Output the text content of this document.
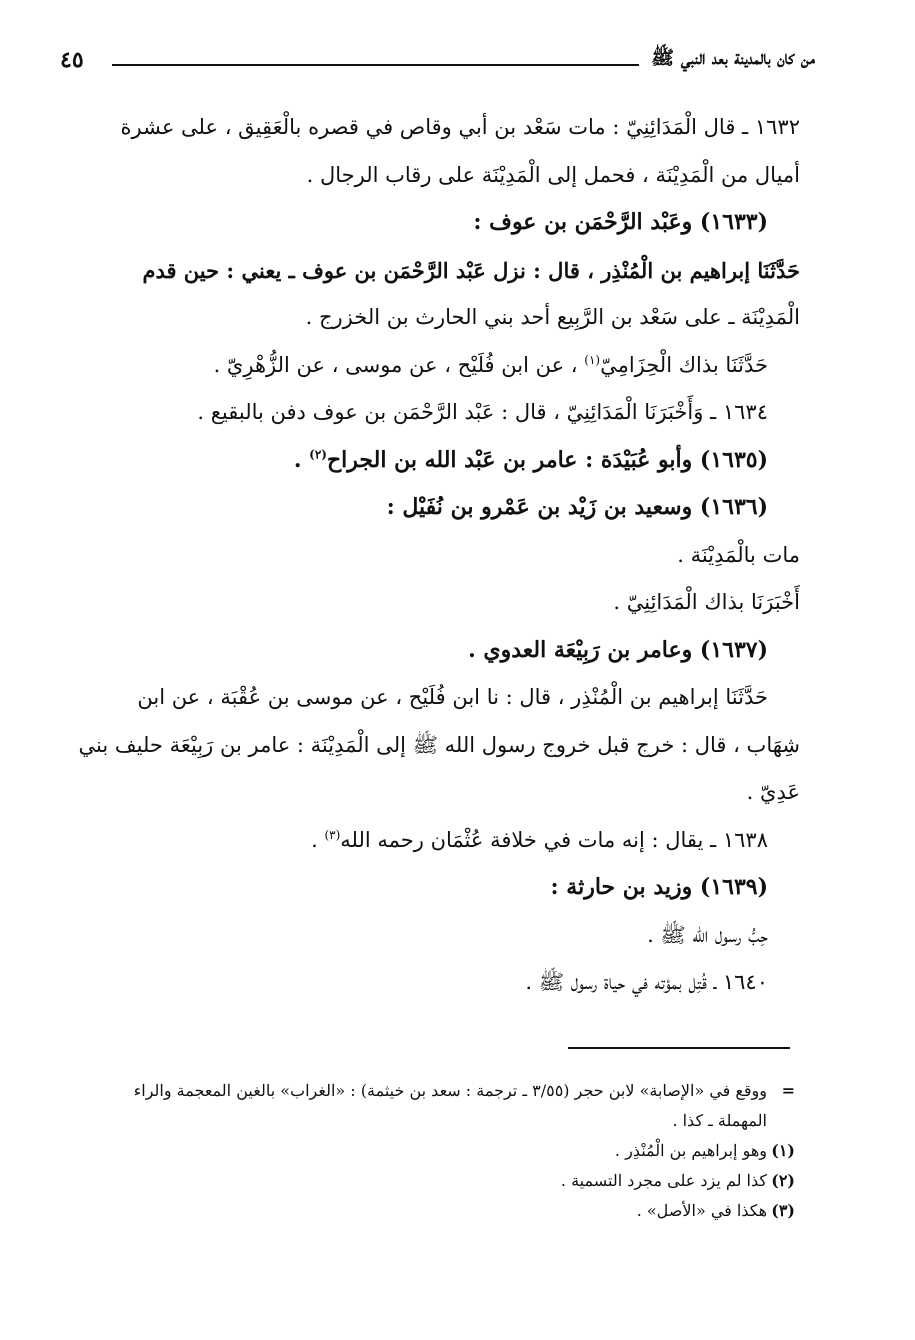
من كان بالمدينة بعد النبي ﷺ
٤٥
١٦٣٢ ـ قال الْمَدَائِنِيّ : مات سَعْد بن أبي وقاص في قصره بالْعَقِيق ، على عشرة
أميال من الْمَدِيْنَة ، فحمل إلى الْمَدِيْنَة على رقاب الرجال .
(١٦٣٣) وعَبْد الرَّحْمَن بن عوف :
حَدَّثَنَا إبراهيم بن الْمُنْذِر ، قال : نزل عَبْد الرَّحْمَن بن عوف ـ يعني : حين قدم
الْمَدِيْنَة ـ على سَعْد بن الرَّبِيع أحد بني الحارث بن الخزرج .
حَدَّثَنَا بذاك الْحِزَامِيّ$^{(١)}$ ، عن ابن فُلَيْح ، عن موسى ، عن الزُّهْرِيّ .
١٦٣٤ ـ وَأَخْبَرَنَا الْمَدَائِنِيّ ، قال : عَبْد الرَّحْمَن بن عوف دفن بالبقيع .
(١٦٣٥) وأبو عُبَيْدَة : عامر بن عَبْد الله بن الجراح$^{(٢)}$ .
(١٦٣٦) وسعيد بن زَيْد بن عَمْرو بن نُفَيْل :
مات بالْمَدِيْنَة .
أَخْبَرَنَا بذاك الْمَدَائِنِيّ .
(١٦٣٧) وعامر بن رَبِيْعَة العدوي .
حَدَّثَنَا إبراهيم بن الْمُنْذِر ، قال : نا ابن فُلَيْح ، عن موسى بن عُقْبَة ، عن ابن
شِهَاب ، قال : خرج قبل خروج رسول الله ﷺ إلى الْمَدِيْنَة : عامر بن رَبِيْعَة حليف بني
عَدِيّ .
١٦٣٨ ـ يقال : إنه مات في خلافة عُثْمَان رحمه الله$^{(٣)}$ .
(١٦٣٩) وزيد بن حارثة :
حِبُّ رسول الله ﷺ .
١٦٤٠ ـ قُتِل بمؤته في حياة رسول ﷺ .
=ووقع في «الإصابة» لابن حجر (٣/٥٥ ـ ترجمة : سعد بن خيثمة) : «الغراب» بالغين المعجمة والراء
المهملة ـ كذا .
(١)وهو إبراهيم بن الْمُنْذِر .
(٢)كذا لم يزد على مجرد التسمية .
(٣)هكذا في «الأصل» .
